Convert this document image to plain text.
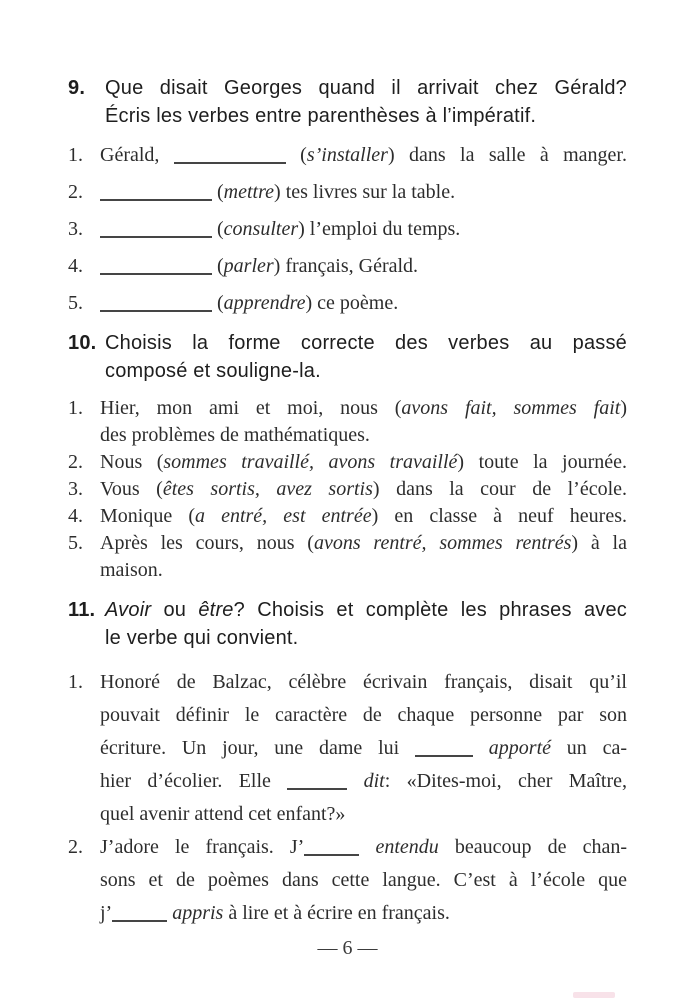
9. Que disait Georges quand il arrivait chez Gérald?
Écris les verbes entre parenthèses à l’impératif.
1. Gérald,	(s’installer) dans la salle à manger.
2.	(mettre) tes livres sur la table.
3.	(consulter) l’emploi du temps.
4.	(parler) français, Gérald.
5.	(apprendre) ce poème.
10. Choisis la forme correcte des verbes au passé
composé et souligne-la.
1. Hier, mon ami et moi, nous (avons fait, sommes fait)
des problèmes de mathématiques.
2. Nous (sommes travaillé, avons travaillé) toute la journée.
3. Vous (êtes sortis, avez sortis) dans la cour de l’école.
4. Monique (a entré, est entrée) en classe à neuf heures.
5. Après les cours, nous (avons rentré, sommes rentrés) à la
maison.
11. Avoir ou être? Choisis et complète les phrases avec
le verbe qui convient.
1. Honoré de Balzac, célèbre écrivain français, disait qu’il
pouvait définir le caractère de chaque personne par son
écriture. Un jour, une dame lui	apporté un ca-
hier d’écolier. Elle	dit: «Dites-moi, cher Maître,
quel avenir attend cet enfant?»
2. J’adore le français. J’	entendu beaucoup de chan-
sons et de poèmes dans cette langue. C’est à l’école que
j’	appris à lire et à écrire en français.
— 6 —
